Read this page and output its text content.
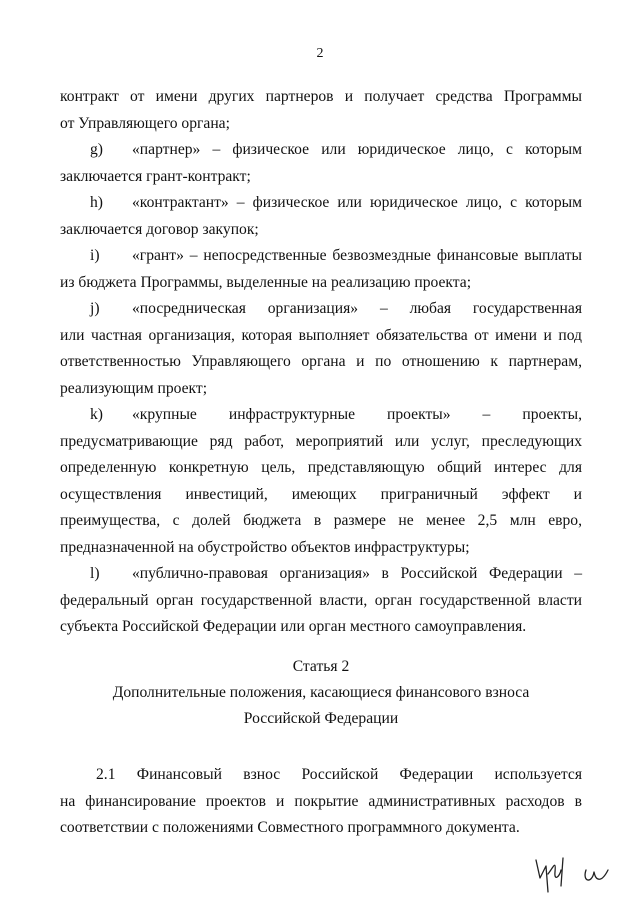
2

контракт от имени других партнеров и получает средства Программы
от Управляющего органа;

g)	«партнер» – физическое или юридическое лицо, с которым
заключается грант-контракт;
h)	«контрактант» – физическое или юридическое лицо, с которым
заключается договор закупок;
i)	«грант» – непосредственные безвозмездные финансовые выплаты
из бюджета Программы, выделенные на реализацию проекта;
j)	«посредническая организация» – любая государственная
или частная организация, которая выполняет обязательства от имени и под ответственностью Управляющего органа и по отношению к партнерам, реализующим проект;
k)	«крупные инфраструктурные проекты» – проекты,
предусматривающие ряд работ, мероприятий или услуг, преследующих определенную конкретную цель, представляющую общий интерес для осуществления инвестиций, имеющих приграничный эффект и преимущества, с долей бюджета в размере не менее 2,5 млн евро, предназначенной на обустройство объектов инфраструктуры;
l)	«публично-правовая организация» в Российской Федерации –
федеральный орган государственной власти, орган государственной власти субъекта Российской Федерации или орган местного самоуправления.
Статья 2
Дополнительные положения, касающиеся финансового взноса
Российской Федерации
2.1 Финансовый взнос Российской Федерации используется
на финансирование проектов и покрытие административных расходов в соответствии с положениями Совместного программного документа.
